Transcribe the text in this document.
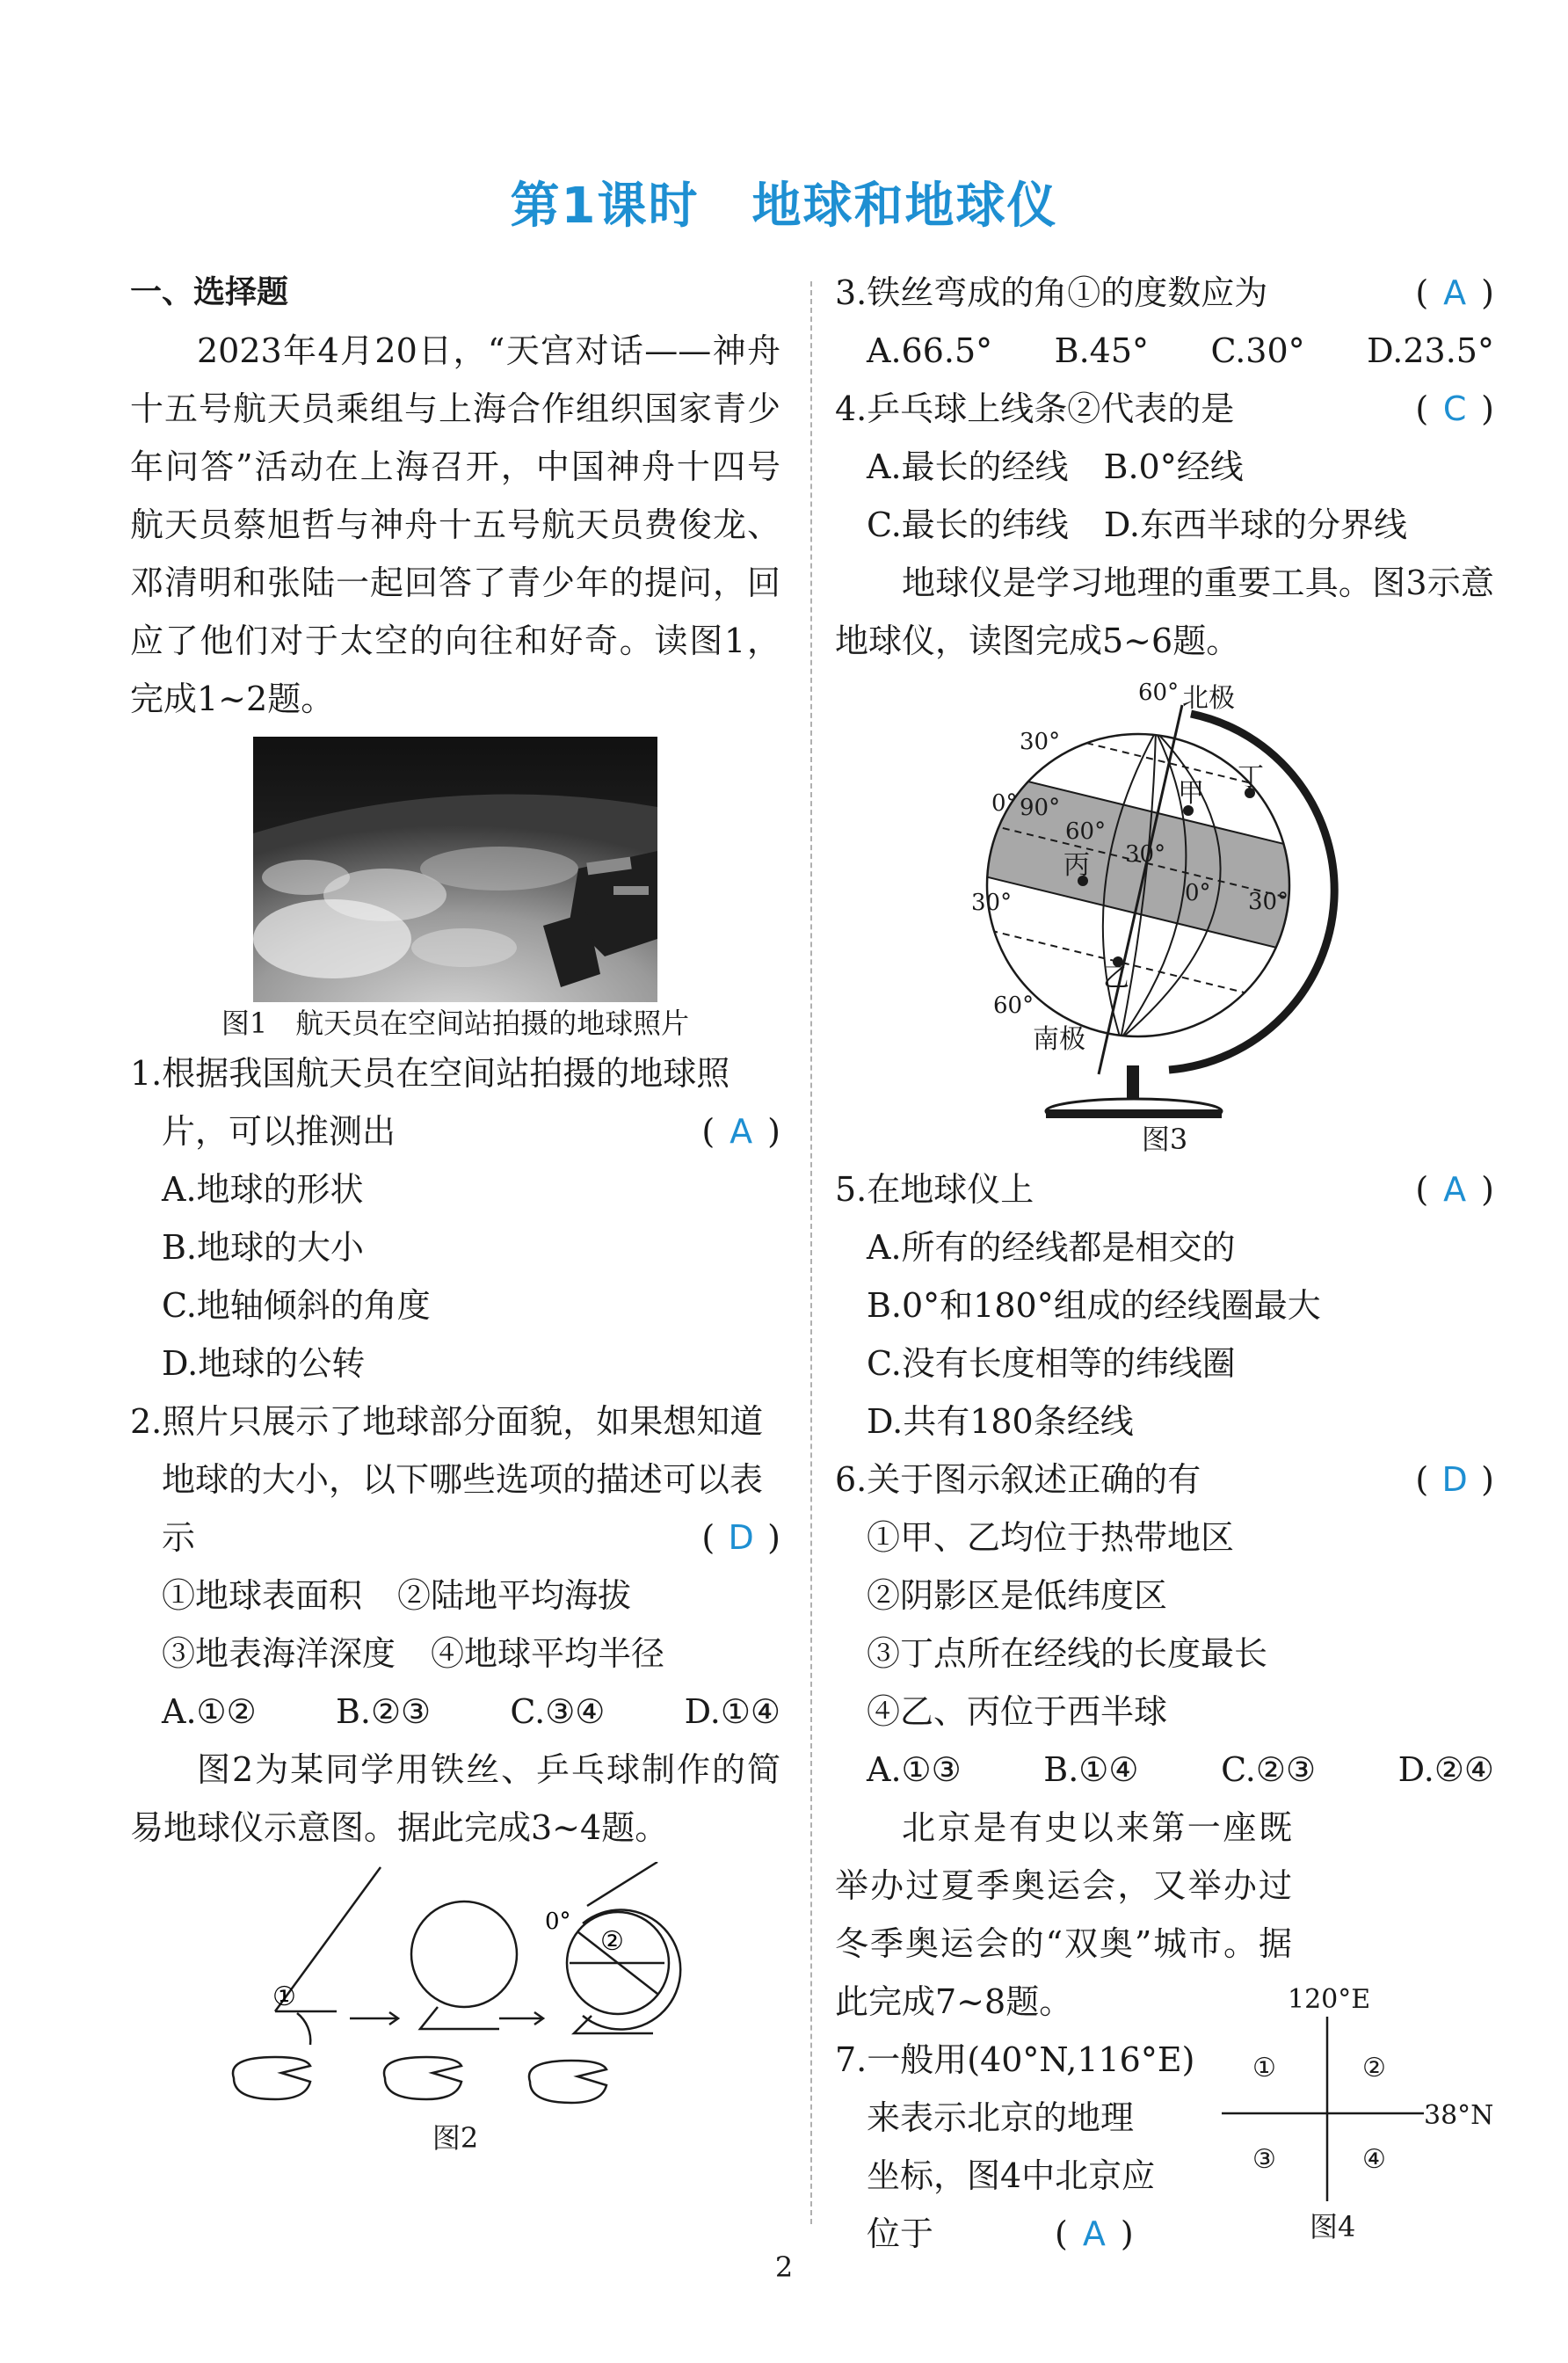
第1课时 地球和地球仪
一、选择题
2023年4月20日，“天宫对话——神舟十五号航天员乘组与上海合作组织国家青少年问答”活动在上海召开，中国神舟十四号航天员蔡旭哲与神舟十五号航天员费俊龙、邓清明和张陆一起回答了青少年的提问，回应了他们对于太空的向往和好奇。读图1，完成1~2题。
图1　航天员在空间站拍摄的地球照片
1.根据我国航天员在空间站拍摄的地球照片，可以推测出	( A )
A.地球的形状
B.地球的大小
C.地轴倾斜的角度
D.地球的公转
2.照片只展示了地球部分面貌，如果想知道地球的大小，以下哪些选项的描述可以表示	( D )
①地球表面积 ②陆地平均海拔
③地表海洋深度 ④地球平均半径
A.①② B.②③ C.③④ D.①④
图2为某同学用铁丝、乒乓球制作的简易地球仪示意图。据此完成3~4题。
①
②
0°
图2
3.铁丝弯成的角①的度数应为	( A )
A.66.5° B.45° C.30° D.23.5°
4.乒乓球上线条②代表的是	( C )
A.最长的经线 B.0°经线
C.最长的纬线 D.东西半球的分界线
地球仪是学习地理的重要工具。图3示意地球仪，读图完成5~6题。
60° 北极
30°
0° 90°
60°
30°
0° 30°
30°
60°
南极
甲
乙
丙
丁
图3
5.在地球仪上	( A )
A.所有的经线都是相交的
B.0°和180°组成的经线圈最大
C.没有长度相等的纬线圈
D.共有180条经线
6.关于图示叙述正确的有	( D )
①甲、乙均位于热带地区
②阴影区是低纬度区
③丁点所在经线的长度最长
④乙、丙位于西半球
A.①③ B.①④ C.②③ D.②④
北京是有史以来第一座既举办过夏季奥运会，又举办过冬季奥运会的“双奥”城市。据此完成7~8题。
7.一般用(40°N,116°E)
来表示北京的地理
坐标，图4中北京应
位于	( A )
120°E
38°N
①	②
③	④
图4
2
